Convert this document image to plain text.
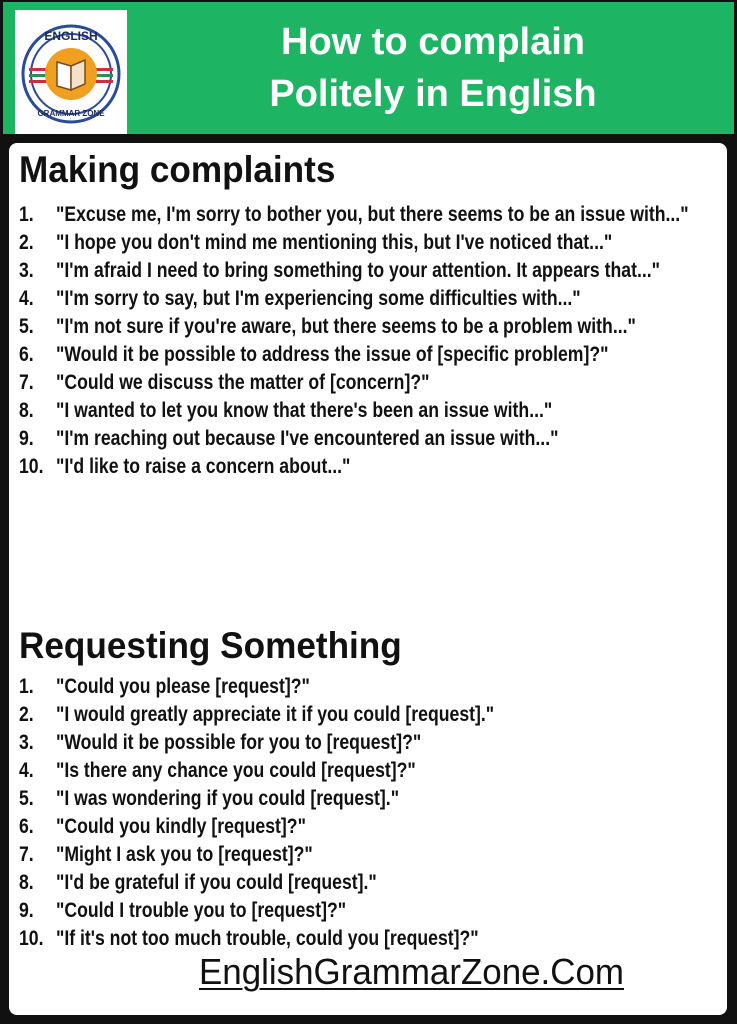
ENGLISH
GRAMMAR ZONE
How to complain
Politely in English
Making complaints
1. "Excuse me, I'm sorry to bother you, but there seems to be an issue with..."
2. "I hope you don't mind me mentioning this, but I've noticed that..."
3. "I'm afraid I need to bring something to your attention. It appears that..."
4. "I'm sorry to say, but I'm experiencing some difficulties with..."
5. "I'm not sure if you're aware, but there seems to be a problem with..."
6. "Would it be possible to address the issue of [specific problem]?"
7. "Could we discuss the matter of [concern]?"
8. "I wanted to let you know that there's been an issue with..."
9. "I'm reaching out because I've encountered an issue with..."
10. "I'd like to raise a concern about..."
Requesting Something
1. "Could you please [request]?"
2. "I would greatly appreciate it if you could [request]."
3. "Would it be possible for you to [request]?"
4. "Is there any chance you could [request]?"
5. "I was wondering if you could [request]."
6. "Could you kindly [request]?"
7. "Might I ask you to [request]?"
8. "I'd be grateful if you could [request]."
9. "Could I trouble you to [request]?"
10. "If it's not too much trouble, could you [request]?"
EnglishGrammarZone.Com
